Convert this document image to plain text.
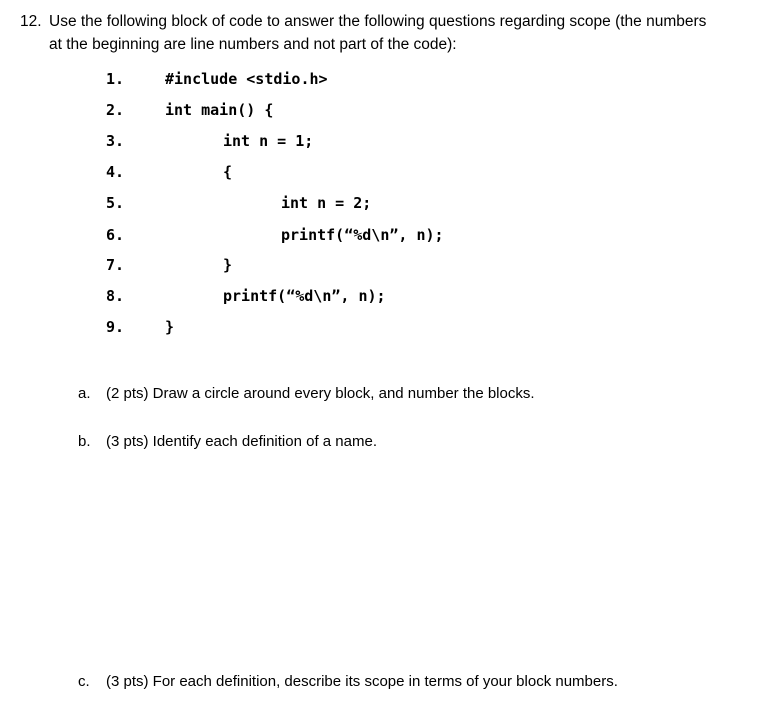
12. Use the following block of code to answer the following questions regarding scope (the numbers
at the beginning are line numbers and not part of the code):
1.	#include <stdio.h>
2.	int main() {
3.	int n = 1;
4.	{
5.	int n = 2;
6.	printf(“%d\n”, n);
7.	}
8.	printf(“%d\n”, n);
9.	}
a. (2 pts) Draw a circle around every block, and number the blocks.
b. (3 pts) Identify each definition of a name.
c. (3 pts) For each definition, describe its scope in terms of your block numbers.
